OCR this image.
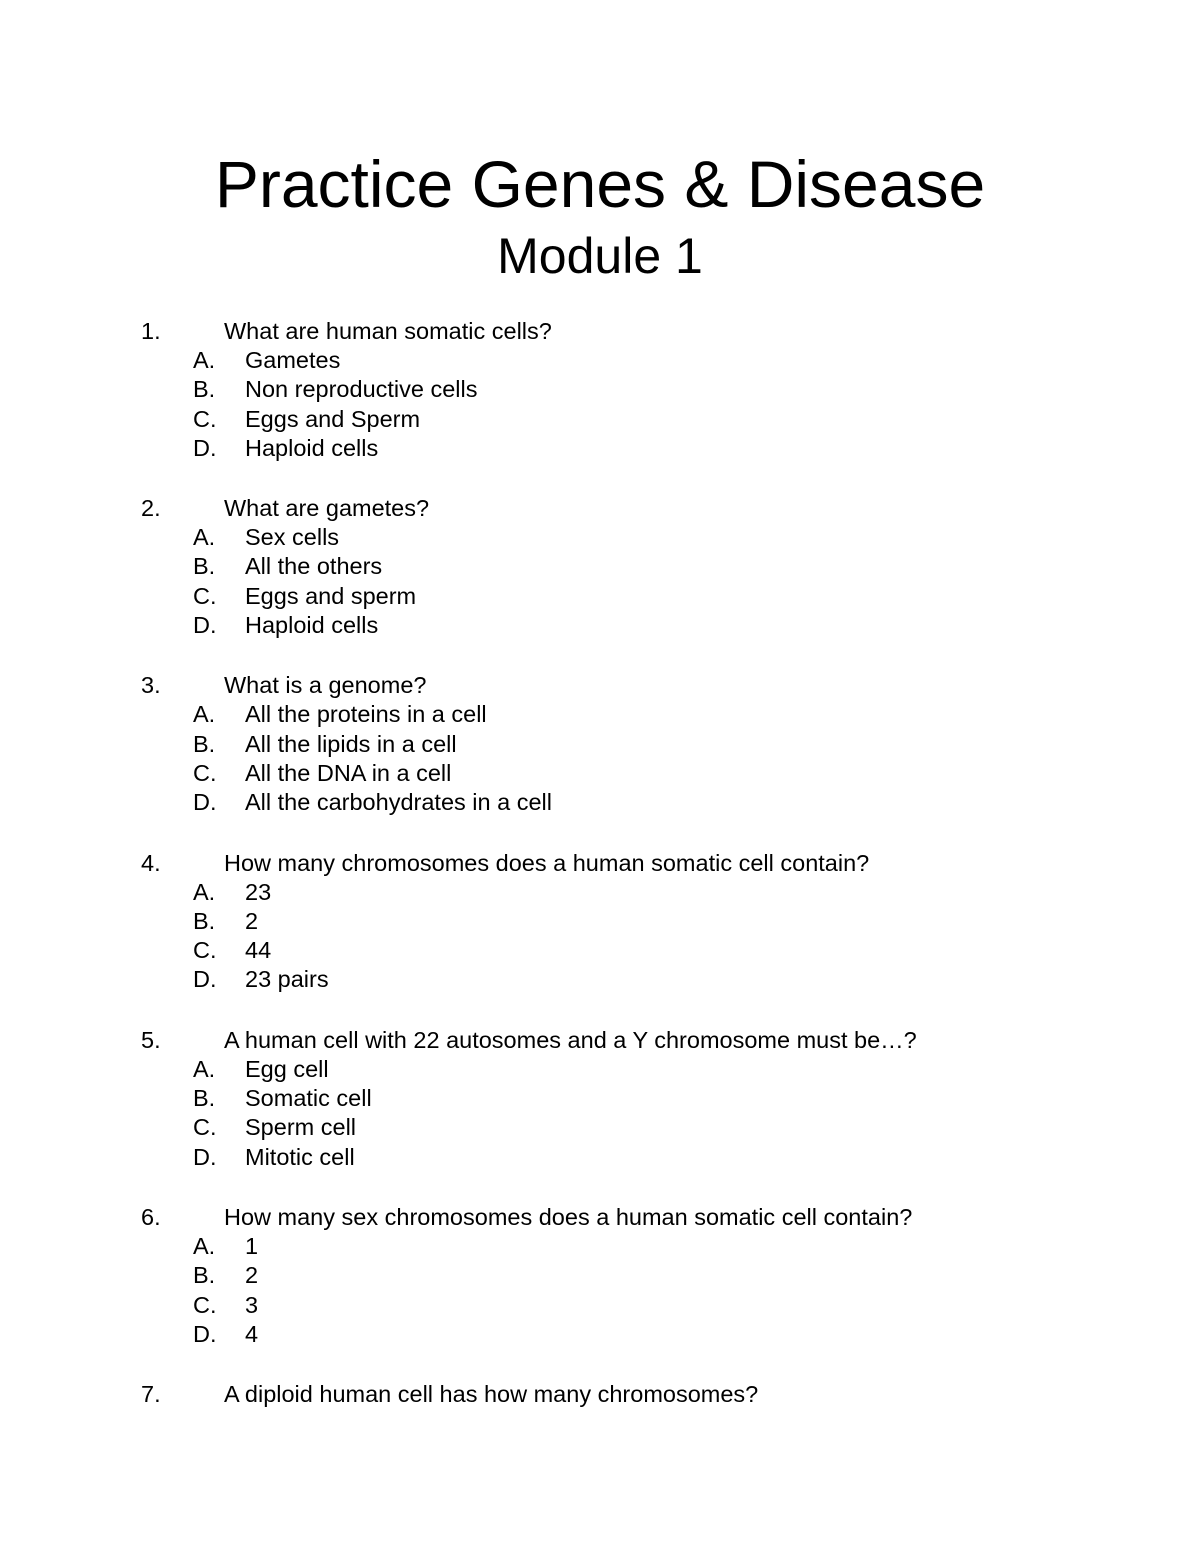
Practice Genes & Disease
Module 1
1.	What are human somatic cells?
A. Gametes
B. Non reproductive cells
C. Eggs and Sperm
D. Haploid cells
2.	What are gametes?
A. Sex cells
B. All the others
C. Eggs and sperm
D. Haploid cells
3.	What is a genome?
A. All the proteins in a cell
B. All the lipids in a cell
C. All the DNA in a cell
D. All the carbohydrates in a cell
4.	How many chromosomes does a human somatic cell contain?
A. 23
B. 2
C. 44
D. 23 pairs
5.	A human cell with 22 autosomes and a Y chromosome must be…?
A. Egg cell
B. Somatic cell
C. Sperm cell
D. Mitotic cell
6.	How many sex chromosomes does a human somatic cell contain?
A. 1
B. 2
C. 3
D. 4
7.	A diploid human cell has how many chromosomes?
